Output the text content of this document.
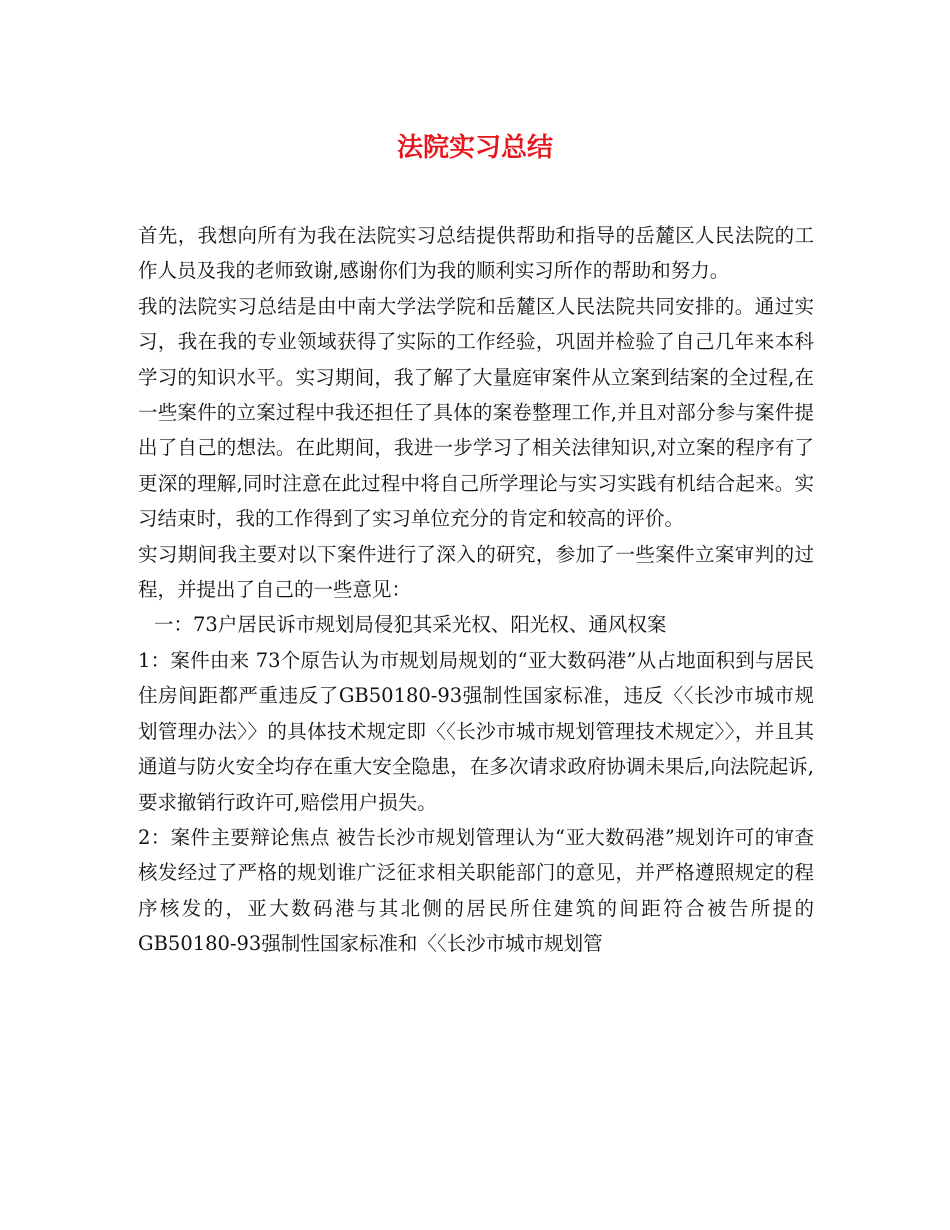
法院实习总结

首先，我想向所有为我在法院实习总结提供帮助和指导的岳麓区人民法院的工作人员及我的老师致谢,感谢你们为我的顺利实习所作的帮助和努力。

我的法院实习总结是由中南大学法学院和岳麓区人民法院共同安排的。通过实习，我在我的专业领域获得了实际的工作经验，巩固并检验了自己几年来本科学习的知识水平。实习期间，我了解了大量庭审案件从立案到结案的全过程,在一些案件的立案过程中我还担任了具体的案卷整理工作,并且对部分参与案件提出了自己的想法。在此期间，我进一步学习了相关法律知识,对立案的程序有了更深的理解,同时注意在此过程中将自己所学理论与实习实践有机结合起来。实习结束时，我的工作得到了实习单位充分的肯定和较高的评价。

实习期间我主要对以下案件进行了深入的研究，参加了一些案件立案审判的过程，并提出了自己的一些意见：

一：73户居民诉市规划局侵犯其采光权、阳光权、通风权案

1：案件由来 73个原告认为市规划局规划的“亚大数码港”从占地面积到与居民住房间距都严重违反了GB50180-93强制性国家标准，违反〈〈长沙市城市规划管理办法〉〉的具体技术规定即〈〈长沙市城市规划管理技术规定〉〉，并且其通道与防火安全均存在重大安全隐患，在多次请求政府协调未果后,向法院起诉,要求撤销行政许可,赔偿用户损失。

2：案件主要辩论焦点 被告长沙市规划管理认为“亚大数码港”规划许可的审查核发经过了严格的规划谁广泛征求相关职能部门的意见，并严格遵照规定的程序核发的，亚大数码港与其北侧的居民所住建筑的间距符合被告所提的GB50180-93强制性国家标准和〈〈长沙市城市规划管
